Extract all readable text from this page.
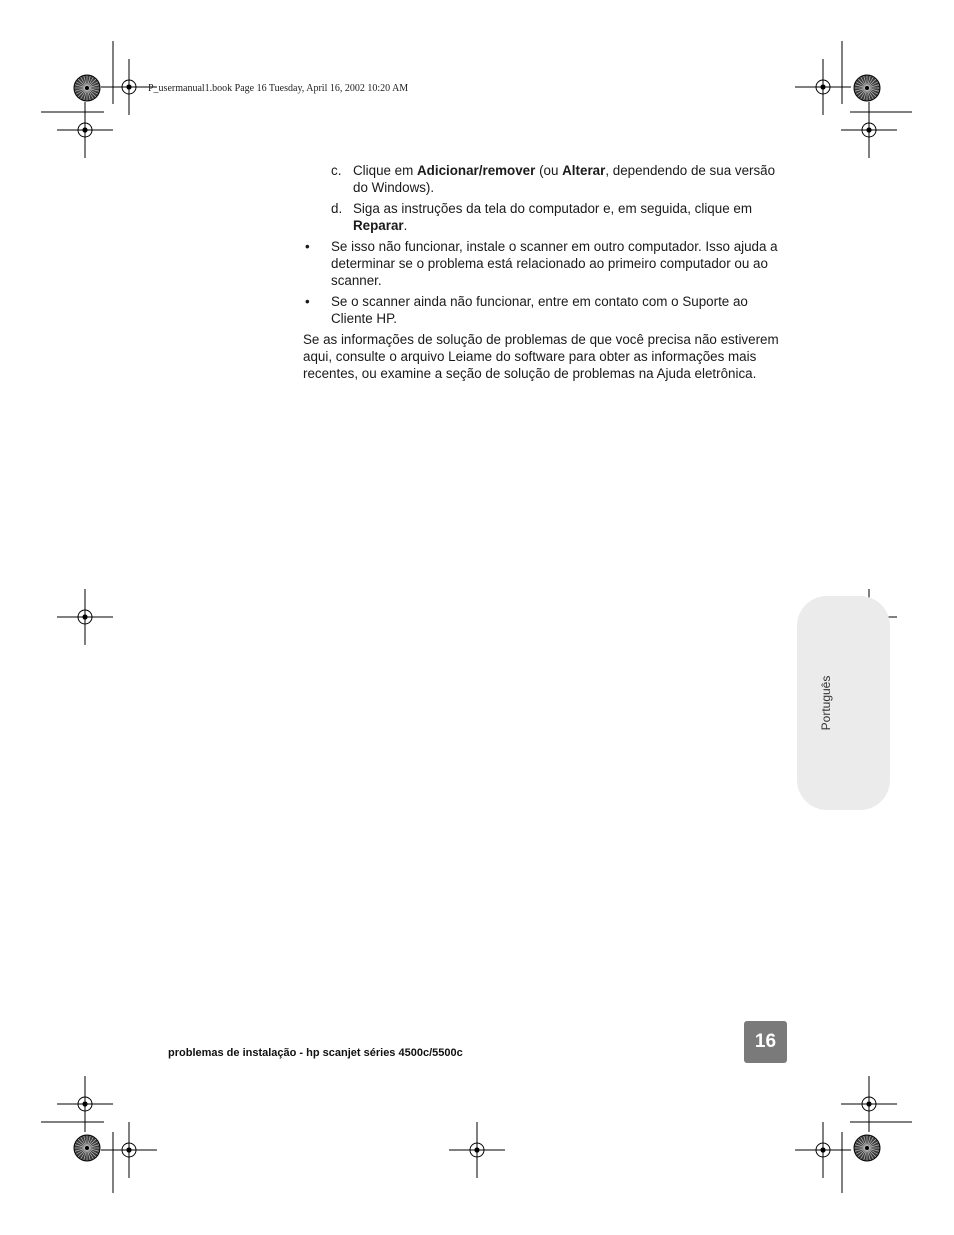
P_usermanual1.book Page 16 Tuesday, April 16, 2002 10:20 AM
c. Clique em Adicionar/remover (ou Alterar, dependendo de sua versão do Windows).
d. Siga as instruções da tela do computador e, em seguida, clique em Reparar.
• Se isso não funcionar, instale o scanner em outro computador. Isso ajuda a determinar se o problema está relacionado ao primeiro computador ou ao scanner.
• Se o scanner ainda não funcionar, entre em contato com o Suporte ao Cliente HP.
Se as informações de solução de problemas de que você precisa não estiverem aqui, consulte o arquivo Leiame do software para obter as informações mais recentes, ou examine a seção de solução de problemas na Ajuda eletrônica.
Português
16
problemas de instalação - hp scanjet séries 4500c/5500c
